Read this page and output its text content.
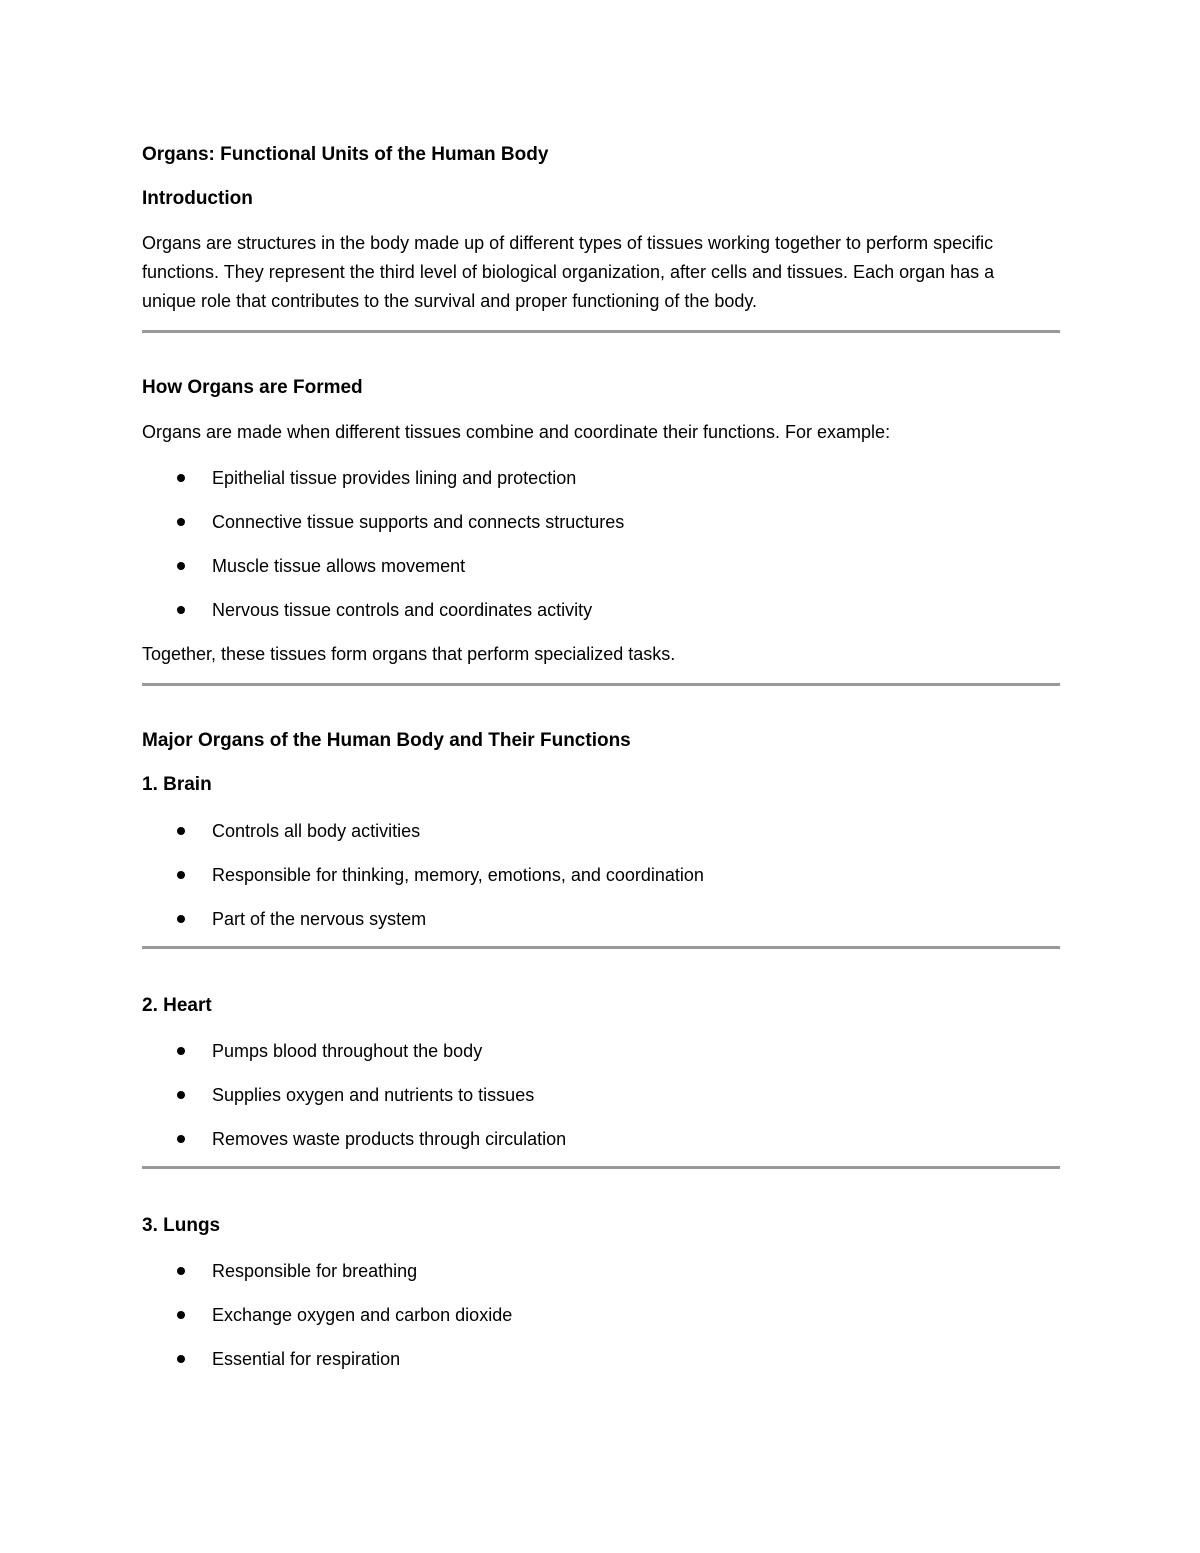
Organs: Functional Units of the Human Body
Introduction

Organs are structures in the body made up of different types of tissues working together to perform specific functions. They represent the third level of biological organization, after cells and tissues. Each organ has a unique role that contributes to the survival and proper functioning of the body.

How Organs are Formed

Organs are made when different tissues combine and coordinate their functions. For example:

Epithelial tissue provides lining and protection
Connective tissue supports and connects structures
Muscle tissue allows movement
Nervous tissue controls and coordinates activity

Together, these tissues form organs that perform specialized tasks.

Major Organs of the Human Body and Their Functions
1. Brain
Controls all body activities
Responsible for thinking, memory, emotions, and coordination
Part of the nervous system
2. Heart
Pumps blood throughout the body
Supplies oxygen and nutrients to tissues
Removes waste products through circulation
3. Lungs
Responsible for breathing
Exchange oxygen and carbon dioxide
Essential for respiration
